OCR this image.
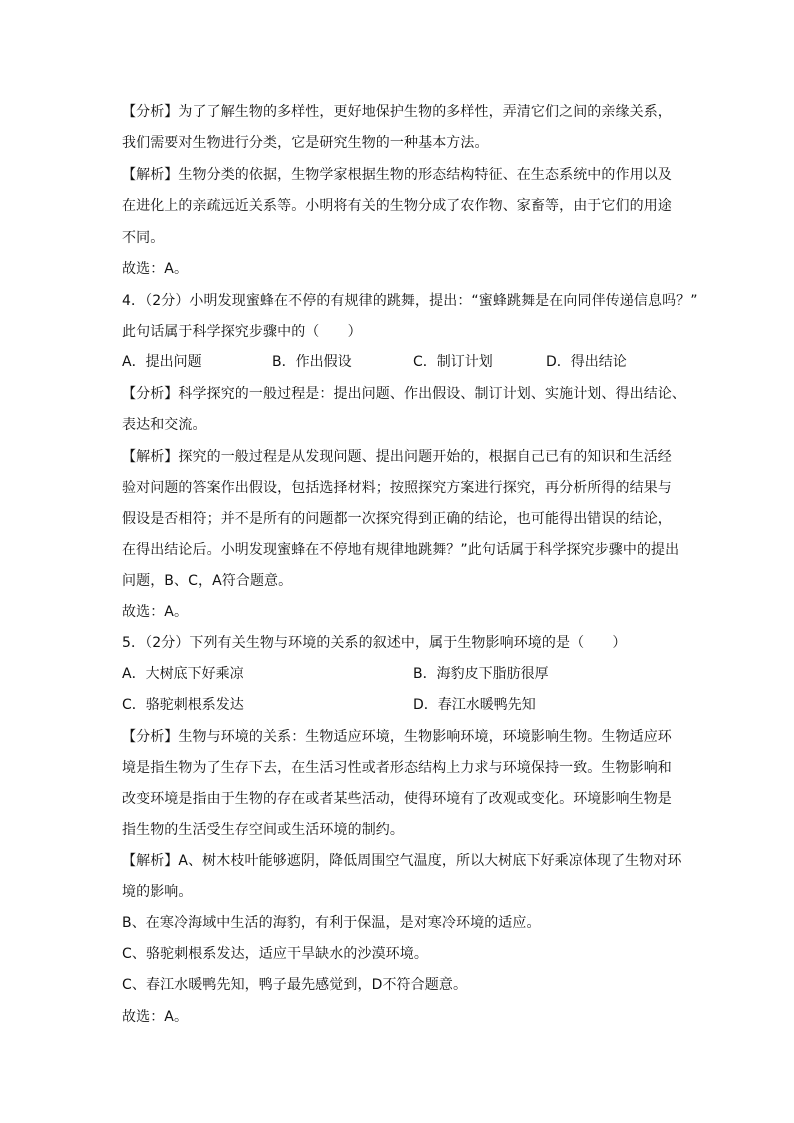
【分析】为了了解生物的多样性，更好地保护生物的多样性，弄清它们之间的亲缘关系，
我们需要对生物进行分类，它是研究生物的一种基本方法。
【解析】生物分类的依据，生物学家根据生物的形态结构特征、在生态系统中的作用以及
在进化上的亲疏远近关系等。小明将有关的生物分成了农作物、家畜等，由于它们的用途
不同。
故选：A。
4．（2分）小明发现蜜蜂在不停的有规律的跳舞，提出：“蜜蜂跳舞是在向同伴传递信息吗？”
此句话属于科学探究步骤中的（　　）
A．提出问题	B．作出假设	C．制订计划	D．得出结论
【分析】科学探究的一般过程是：提出问题、作出假设、制订计划、实施计划、得出结论、
表达和交流。
【解析】探究的一般过程是从发现问题、提出问题开始的，根据自己已有的知识和生活经
验对问题的答案作出假设，包括选择材料；按照探究方案进行探究，再分析所得的结果与
假设是否相符；并不是所有的问题都一次探究得到正确的结论，也可能得出错误的结论，
在得出结论后。小明发现蜜蜂在不停地有规律地跳舞？”此句话属于科学探究步骤中的提出
问题，B、C，A符合题意。
故选：A。
5．（2分）下列有关生物与环境的关系的叙述中，属于生物影响环境的是（　　）
A．大树底下好乘凉	B．海豹皮下脂肪很厚
C．骆驼刺根系发达	D．春江水暖鸭先知
【分析】生物与环境的关系：生物适应环境，生物影响环境，环境影响生物。生物适应环
境是指生物为了生存下去，在生活习性或者形态结构上力求与环境保持一致。生物影响和
改变环境是指由于生物的存在或者某些活动，使得环境有了改观或变化。环境影响生物是
指生物的生活受生存空间或生活环境的制约。
【解析】A、树木枝叶能够遮阴，降低周围空气温度，所以大树底下好乘凉体现了生物对环
境的影响。
B、在寒冷海域中生活的海豹，有利于保温，是对寒冷环境的适应。
C、骆驼刺根系发达，适应干旱缺水的沙漠环境。
C、春江水暖鸭先知，鸭子最先感觉到，D不符合题意。
故选：A。
